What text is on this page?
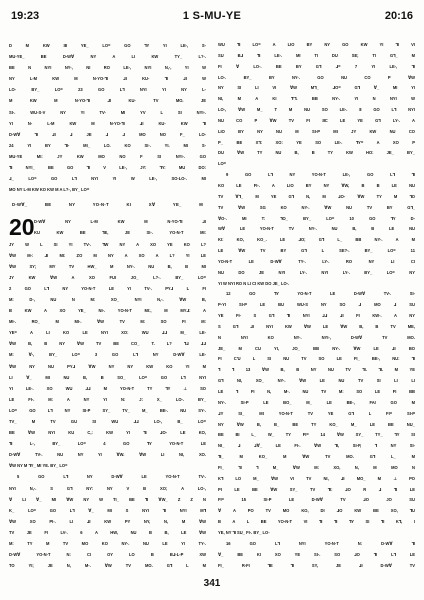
19:23	1 S-MU-YE	20:16
D M KW ƎI YE_ LO= GO ⅂Y YI LE-, S-
MU-YE_ BE D-WⱯ NY A LI KW TY_ L?-.
BE N NYI NY-, NI RO LE-, NYI N,-, YI W
NY L-M KW M N-YO-⅂I ⅃I KU- ⅂I ⅃I W
LO- BY_ LO= 23 GO L⅂ NYI YI NY L-
M KW M N-YO-⅂I ⅃I KU- TV MO. JE
SI-. WU-S-V NY YI TV- MI YV L SI NYI-.
YI N- L-M KW M N-YO-⅂I ⅃I KU- KW ⅂I
D-WⱯ ⅂I ⅃I ⅃ JE ⅃ ⅃ MO NO F_ LO-
24 YI BY ⅂I- MI_ LO. KO SI-. YI. MI S-
MU-YE MI: JY KW MO NO F SI NYI-. GO
⅂I NYI_ BE GO ⅂I V LE-, JY: ⅂Y: MU DO:
⅃_ LO= GO L⅂ NYI YI W LE-, SO-LO-. MI
MO NY L-M KW KO KW M A L?-, BY_ LO=
D-WⱯ_ BE NY YO-N-T KI XⱯ YE_ M
20 D-WⱯ NY L-M KW M N-YO-⅂I ⅃I
KU KW BE ⅂E, JE SI-. YO-N-T MI:
JY W L SI YI TV-. ⅂W NY A XO YE KO L?
ⱯW M-: ⅃I MI: ZO M NY A XO A L? YI LE
ⱯW SY; MY TV HW_ M NY-. NU B, B MI
JY KW ⱯW A XO FUI JO_ L?-. BY_ LO=
2 GO L⅂ NY YO-N-T LE YI TV-. PY⅃ L FI
M: D-, NU N M: XO_ NYI N,-. ⱯW B,
B KW A XO YE_ NI-. YO-N-T MI:, M MY⅃: A
MI-. RO_ M MI-. ⱯW TV M: SO FI M:
YE= A LI KO LE NYI XO: WU ⅃⅃ M_ LE-
ⱯW B, B NY ⱯW TV BE CO_ T. L? ⅂⅃ ⅃⅃
M: Ɐ-, BY_ LO= 3 GO L⅂ NY D-WⱯ LE-
ⱯW NY NU PY⅃ ⱯW NY NY KW KO YI M
LI Ɐ_ MI NU B, B SO_ LO= GO L⅂ NYI
YI LE-. XO WU ⅃⅃ M YO-N-T TY ⅂Y ⊥ SO
LE FI-. M: A NY YI N: J: X_ LO-. BY_
LO= GO L⅂ NY SI-P SY_ TV_ M_ BE-. NU SY-.
TV_ M TV GU SI WU ⅃⅃ LO-, B_ LO=
BE ⱯW NYI KU C,: KW YI ⅂I ⅃O- LE KO,
⅂I L-, BY_ LO= 4 GO ⅂Y YO-N-T LE
D-WⱯ TV-. NU NY YI ⱯW. ⱯW LI NI, XO.
ⱯW NY M ⅂Y_ MI YE. BY_ LO=
5 GO L⅂ NY D-WⱯ LE YO-N-T TV-.
NYI N,-. S G⅂ NY: NY V B XO; A LO-,
Ɐ LI Ɐ_ MI ⱯW NY W TI_ BE ⅂I ⱯW_ Z Z N
K_ LO= GO L⅂ Ɐ_ MI S NYI ⅂I NYI M⅂
ⱯW XO PI-. LI ⅃I KW PY NY, N, M ⱯW
TV JE FI LV-. 6 A HW, NU B B, LE ⱯW
M: TY M TV MO KO NY-. NU LE YI TY-.
D-WⱯ YO-N-T N: CI OY LO B B⅃-L-P XW
TO YI; JE N, M-. ⱯW TV MO. G⅂ L M
WU ⅂I LO= A LIO BY NY GO KW YI ⅂I VI
SU B⅃ ⅂I LE-. MI TI DU SE; TI G⅂_ M
FI Ɐ LO-. BE BY G⅂ ⅃= 7 YI LE-, ⅂I
LO-. BY_ BY NY-. GO NU CO P ⱯW
NY SI LI VI ⱯW M⅂_ ⅃O= G⅂ Ɐ_ MI YI
NI, M A KI ⅂'⅂. BB NY-. YI N NYI W
LO-, ⱯW M_ T M NU SO LE-. 8 GO L⅂ NYI
NU CO P ⱯW TV FI ƎC LE YE G⅂ LY-. A
LIO BY NY NU M SI-P MI JY KW NU CO
P_ BE X⅂: XO: YE SO LE-. ⅂Y= A XO P
DU ⱯW TY NU B, B TY KW HO: JE_ BY_
LO=
9 GO L⅂ NY YO-N-T LE-, GO L⅂ ⅂I
KO LE FI-. A LIO BY NY ⱯW, B B LE NU
TV Ɐ⅂_ M YE G⅂ N, M ⅃O- ⱯW TY M ⅂O
TV ⱯW SG KO NY-. ⱯW NU TV BY G⅂_
ⱯO-. MI T: ⅂O_ BY_ LO= 10 GO ⅂Y D-
WⱯ LE YO-N-T TV NY-. NU B, B LE NU
KI: KO, KO_. LE ⅃O; G⅂ L_ BB NY-. A M
LE ⱯW TV BY G⅂ L SE?-. BY_ LO= 11
YO-N-T LE D-WⱯ TY-. LY-. RO NY LI CI
NU DO JE NYI LY-. NYI LY-. BY_ LO= NY
YI W NYI RO N LI CI KW DO JE_ LO-.
12 GO ⅂Y YO-N-T LE D-WⱯ TV-. SI-
P-YI SI-P LE BU WU-S NY SO ⅃ MO ⅃ SU
YE FI- S G⅂ ⅂I NYI ⅃⅃ ⅃I FI KW-. A NY
S G⅂ ⅃I NYI KW ⱯW LE ⱯW B, B TV ME,
N NYI KO NY-. NYI-, D-WⱯ TV MO.
JE_ M CU YI, JO_ BB NY-. ⱯW LE ⅃I BO
FI C'U L SI NU TV SO LE FI_ BE-, NU: ⅂I
⅂ ⅂ 13 ⱯW B, B NY NU TV ⅂I. ⅂I. M YE
G⅂ NI, XO_ NY-. ⱯW LE NU TV SI LI LI
LE ⅂ FI N, M-. NU TV M: SO LE FI BB
NY-. SI-P LE BO_ M_ LE BE-, FAI GO M
⅃Y SI_ MI YO-N-T TV YE G⅂ L FI= SI-P
NY ⱯW B, B_ BE TY KO_ M_ LE BE NU_
BE BI L_ W_ TY FI= 14 ⱯW SY_ TY_ ⅂Y SI
NI_ ⅃ ⅃Ɐ_ LE FI-. ⱯW ⅂I, SI-P, ⅂ NY SI-
⅂I_ M KO_ M ⱯW TV MO. G⅂ L_ M
FI_ ⅂I ⅂ M_ ⱯW M: XO, N, M MO N
K⅂ LO M_ ⱯW VI TV NI, ⅃I MO_ M ⊥ PO
PI LE BE ⱯW SY_ TV ⅂I: ⅃O R ⅃ ⅂I LE
FI= 15 SI-P LE D-WⱯ TV ⅃O JO SU
Ɐ A PO TV MO KO, DI ⅃O KW BE XO, ⅂U
B A L BE YO-N-T VI ⅂I ⅂I ⅂Y SI ⅂I K⅂, I
YE, NY ⅂I SU_ FI-. BY_ LO-
16 GO L⅂ NYI YO-N-T N: D-WⱯ ⅂I
Ɐ_ BE KI XO YE SI-. SO ⅃O ⅂I L⅂ LE
FI_ R-FI ⅂E ⅂I SY, JE ⅃I D-WⱯ TV
341
